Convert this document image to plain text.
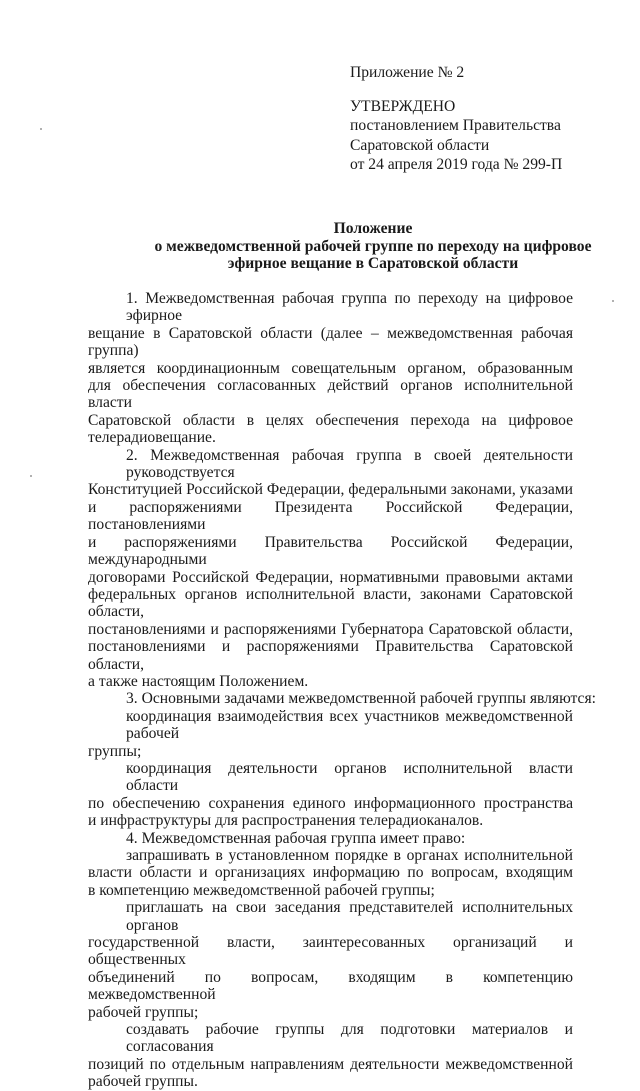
Приложение № 2
УТВЕРЖДЕНО
постановлением Правительства
Саратовской области
от 24 апреля 2019 года № 299-П
Положение
о межведомственной рабочей группе по переходу на цифровое
эфирное вещание в Саратовской области
1. Межведомственная рабочая группа по переходу на цифровое эфирное
вещание в Саратовской области (далее – межведомственная рабочая группа)
является координационным совещательным органом, образованным
для обеспечения согласованных действий органов исполнительной власти
Саратовской области в целях обеспечения перехода на цифровое
телерадиовещание.
2. Межведомственная рабочая группа в своей деятельности руководствуется
Конституцией Российской Федерации, федеральными законами, указами
и распоряжениями Президента Российской Федерации, постановлениями
и распоряжениями Правительства Российской Федерации, международными
договорами Российской Федерации, нормативными правовыми актами
федеральных органов исполнительной власти, законами Саратовской области,
постановлениями и распоряжениями Губернатора Саратовской области,
постановлениями и распоряжениями Правительства Саратовской области,
а также настоящим Положением.
3. Основными задачами межведомственной рабочей группы являются:
координация взаимодействия всех участников межведомственной рабочей
группы;
координация деятельности органов исполнительной власти области
по обеспечению сохранения единого информационного пространства
и инфраструктуры для распространения телерадиоканалов.
4. Межведомственная рабочая группа имеет право:
запрашивать в установленном порядке в органах исполнительной
власти области и организациях информацию по вопросам, входящим
в компетенцию межведомственной рабочей группы;
приглашать на свои заседания представителей исполнительных органов
государственной власти, заинтересованных организаций и общественных
объединений по вопросам, входящим в компетенцию межведомственной
рабочей группы;
создавать рабочие группы для подготовки материалов и согласования
позиций по отдельным направлениям деятельности межведомственной
рабочей группы.
